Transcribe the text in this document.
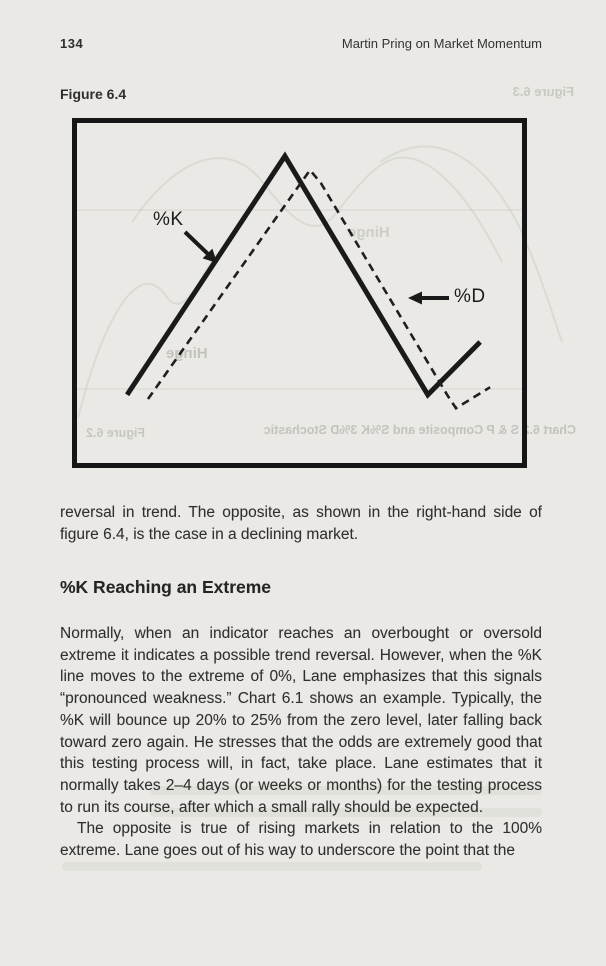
Figure 6.3
Hinge
Hinge
Chart 6.2 S & P Composite and S%K 3%D Stochastic
Figure 6.2
134	Martin Pring on Market Momentum
Figure 6.4
%K
%D

reversal in trend. The opposite, as shown in the right-hand side of figure 6.4, is the case in a declining market.

%K Reaching an Extreme

Normally, when an indicator reaches an overbought or oversold extreme it indicates a possible trend reversal. However, when the %K line moves to the extreme of 0%, Lane emphasizes that this signals “pronounced weakness.” Chart 6.1 shows an example. Typically, the %K will bounce up 20% to 25% from the zero level, later falling back toward zero again. He stresses that the odds are extremely good that this testing process will, in fact, take place. Lane estimates that it normally takes 2–4 days (or weeks or months) for the testing process to run its course, after which a small rally should be expected.

The opposite is true of rising markets in relation to the 100% extreme. Lane goes out of his way to underscore the point that the
